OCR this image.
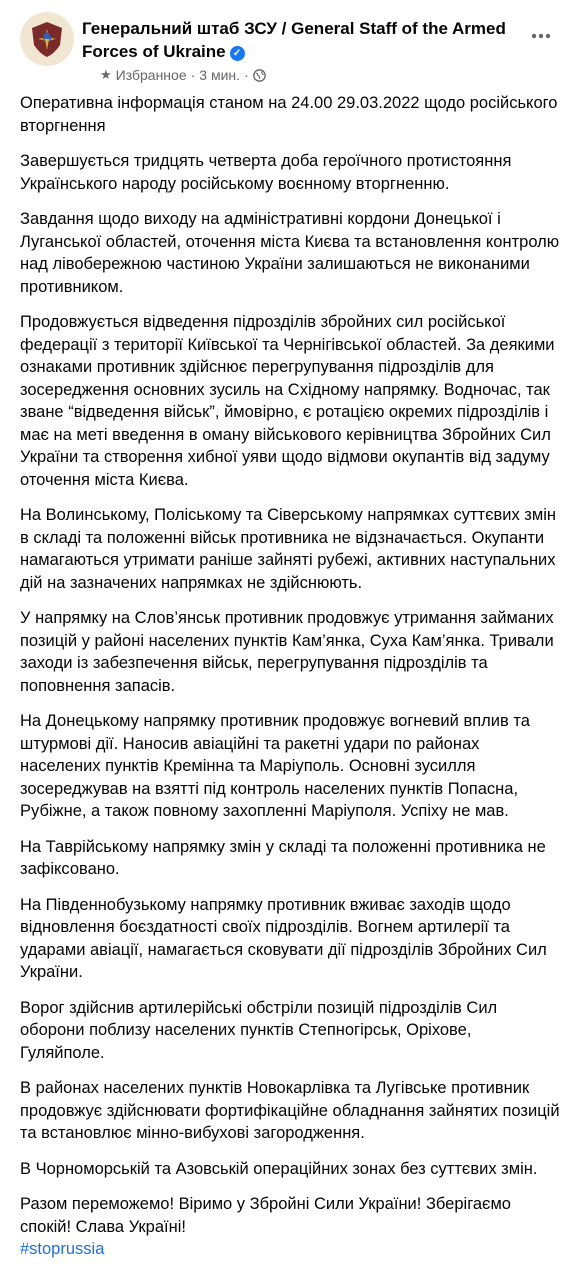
Генеральний штаб ЗСУ / General Staff of the Armed Forces of Ukraine ✓
★ Избранное · 3 мин. ·

Оперативна інформація станом на 24.00 29.03.2022 щодо російського вторгнення

Завершується тридцять четверта доба героїчного протистояння Українського народу російському воєнному вторгненню.

Завдання щодо виходу на адміністративні кордони Донецької і Луганської областей, оточення міста Києва та встановлення контролю над лівобережною частиною України залишаються не виконаними противником.

Продовжується відведення підрозділів збройних сил російської федерації з території Київської та Чернігівської областей. За деякими ознаками противник здійснює перегрупування підрозділів для зосередження основних зусиль на Східному напрямку. Водночас, так зване “відведення військ”, ймовірно, є ротацією окремих підрозділів і має на меті введення в оману військового керівництва Збройних Сил України та створення хибної уяви щодо відмови окупантів від задуму оточення міста Києва.

На Волинському, Поліському та Сіверському напрямках суттєвих змін в складі та положенні військ противника не відзначається. Окупанти намагаються утримати раніше зайняті рубежі, активних наступальних дій на зазначених напрямках не здійснюють.

У напрямку на Слов’янськ противник продовжує утримання займаних позицій у районі населених пунктів Кам’янка, Суха Кам’янка. Тривали заходи із забезпечення військ, перегрупування підрозділів та поповнення запасів.

На Донецькому напрямку противник продовжує вогневий вплив та штурмові дії. Наносив авіаційні та ракетні удари по районах населених пунктів Кремінна та Маріуполь. Основні зусилля зосереджував на взятті під контроль населених пунктів Попасна, Рубіжне, а також повному захопленні Маріуполя. Успіху не мав.

На Таврійському напрямку змін у складі та положенні противника не зафіксовано.

На Південнобузькому напрямку противник вживає заходів щодо відновлення боєздатності своїх підрозділів. Вогнем артилерії та ударами авіації, намагається сковувати дії підрозділів Збройних Сил України.

Ворог здійснив артилерійські обстріли позицій підрозділів Сил оборони поблизу населених пунктів Степногірськ, Оріхове, Гуляйполе.

В районах населених пунктів Новокарлівка та Лугівське противник продовжує здійснювати фортифікаційне обладнання зайнятих позицій та встановлює мінно-вибухові загородження.

В Чорноморській та Азовській операційних зонах без суттєвих змін.

Разом переможемо! Віримо у Збройні Сили України! Зберігаємо спокій! Слава Україні!

#stoprussia
